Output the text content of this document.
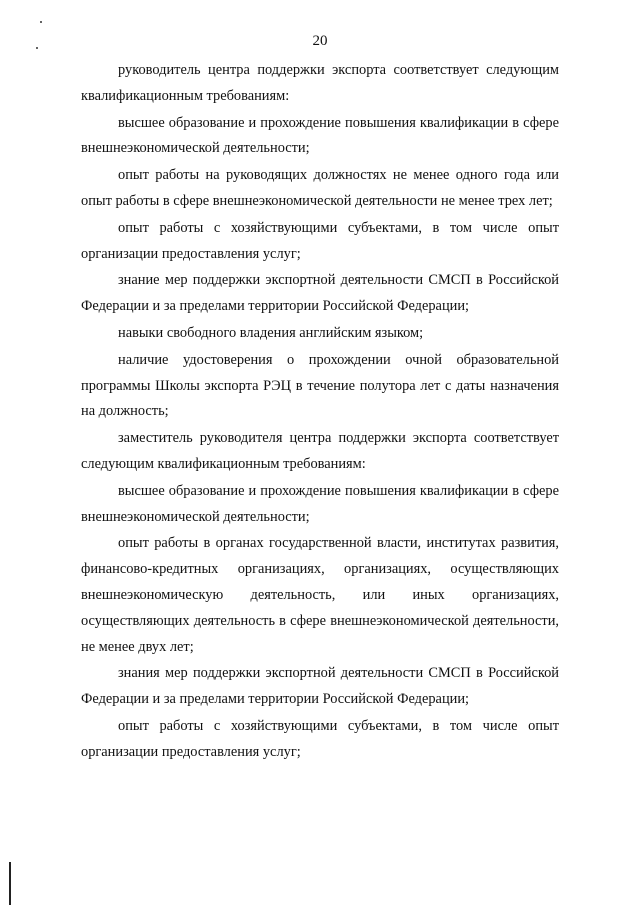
20

руководитель центра поддержки экспорта соответствует следующим квалификационным требованиям:

высшее образование и прохождение повышения квалификации в сфере внешнеэкономической деятельности;

опыт работы на руководящих должностях не менее одного года или опыт работы в сфере внешнеэкономической деятельности не менее трех лет;

опыт работы с хозяйствующими субъектами, в том числе опыт организации предоставления услуг;

знание мер поддержки экспортной деятельности СМСП в Российской Федерации и за пределами территории Российской Федерации;

навыки свободного владения английским языком;

наличие удостоверения о прохождении очной образовательной программы Школы экспорта РЭЦ в течение полутора лет с даты назначения на должность;

заместитель руководителя центра поддержки экспорта соответствует следующим квалификационным требованиям:

высшее образование и прохождение повышения квалификации в сфере внешнеэкономической деятельности;

опыт работы в органах государственной власти, институтах развития, финансово-кредитных организациях, организациях, осуществляющих внешнеэкономическую деятельность, или иных организациях, осуществляющих деятельность в сфере внешнеэкономической деятельности, не менее двух лет;

знания мер поддержки экспортной деятельности СМСП в Российской Федерации и за пределами территории Российской Федерации;

опыт работы с хозяйствующими субъектами, в том числе опыт организации предоставления услуг;
